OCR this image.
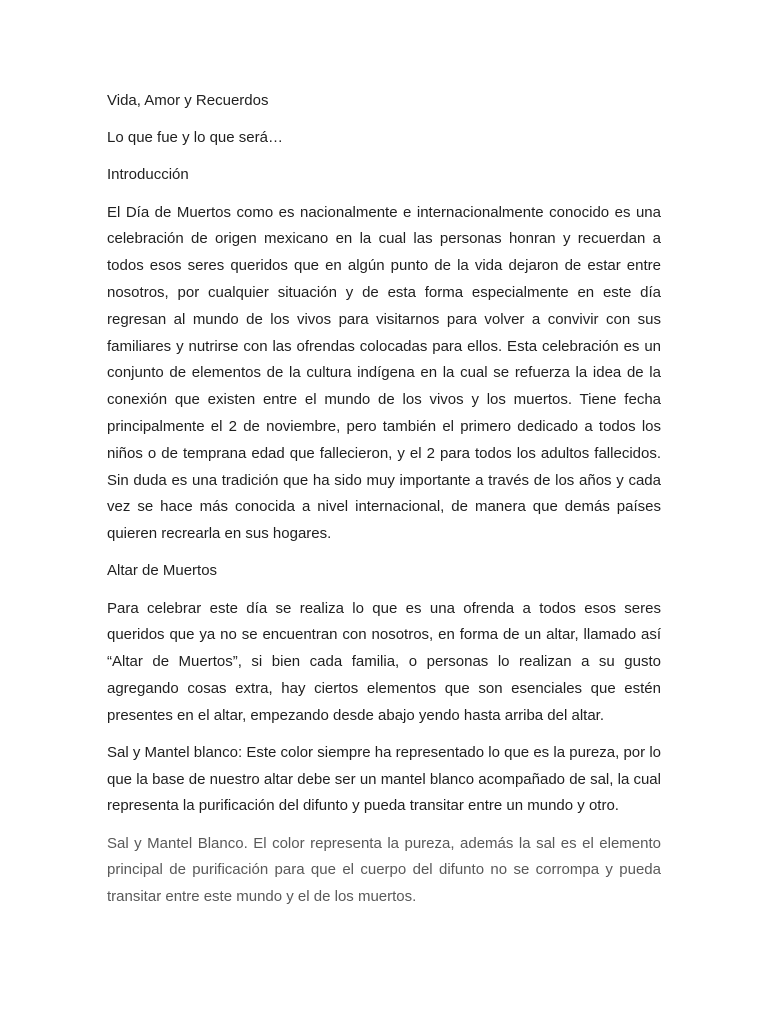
Vida, Amor y Recuerdos

Lo que fue y lo que será…

Introducción

El Día de Muertos como es nacionalmente e internacionalmente conocido es una celebración de origen mexicano en la cual las personas honran y recuerdan a todos esos seres queridos que en algún punto de la vida dejaron de estar entre nosotros, por cualquier situación y de esta forma especialmente en este día regresan al mundo de los vivos para visitarnos para volver a convivir con sus familiares y nutrirse con las ofrendas colocadas para ellos. Esta celebración es un conjunto de elementos de la cultura indígena en la cual se refuerza la idea de la conexión que existen entre el mundo de los vivos y los muertos. Tiene fecha principalmente el 2 de noviembre, pero también el primero dedicado a todos los niños o de temprana edad que fallecieron, y el 2 para todos los adultos fallecidos. Sin duda es una tradición que ha sido muy importante a través de los años y cada vez se hace más conocida a nivel internacional, de manera que demás países quieren recrearla en sus hogares.

Altar de Muertos

Para celebrar este día se realiza lo que es una ofrenda a todos esos seres queridos que ya no se encuentran con nosotros, en forma de un altar, llamado así “Altar de Muertos”, si bien cada familia, o personas lo realizan a su gusto agregando cosas extra, hay ciertos elementos que son esenciales que estén presentes en el altar, empezando desde abajo yendo hasta arriba del altar.

Sal y Mantel blanco: Este color siempre ha representado lo que es la pureza, por lo que la base de nuestro altar debe ser un mantel blanco acompañado de sal, la cual representa la purificación del difunto y pueda transitar entre un mundo y otro.

Sal y Mantel Blanco. El color representa la pureza, además la sal es el elemento principal de purificación para que el cuerpo del difunto no se corrompa y pueda transitar entre este mundo y el de los muertos.
